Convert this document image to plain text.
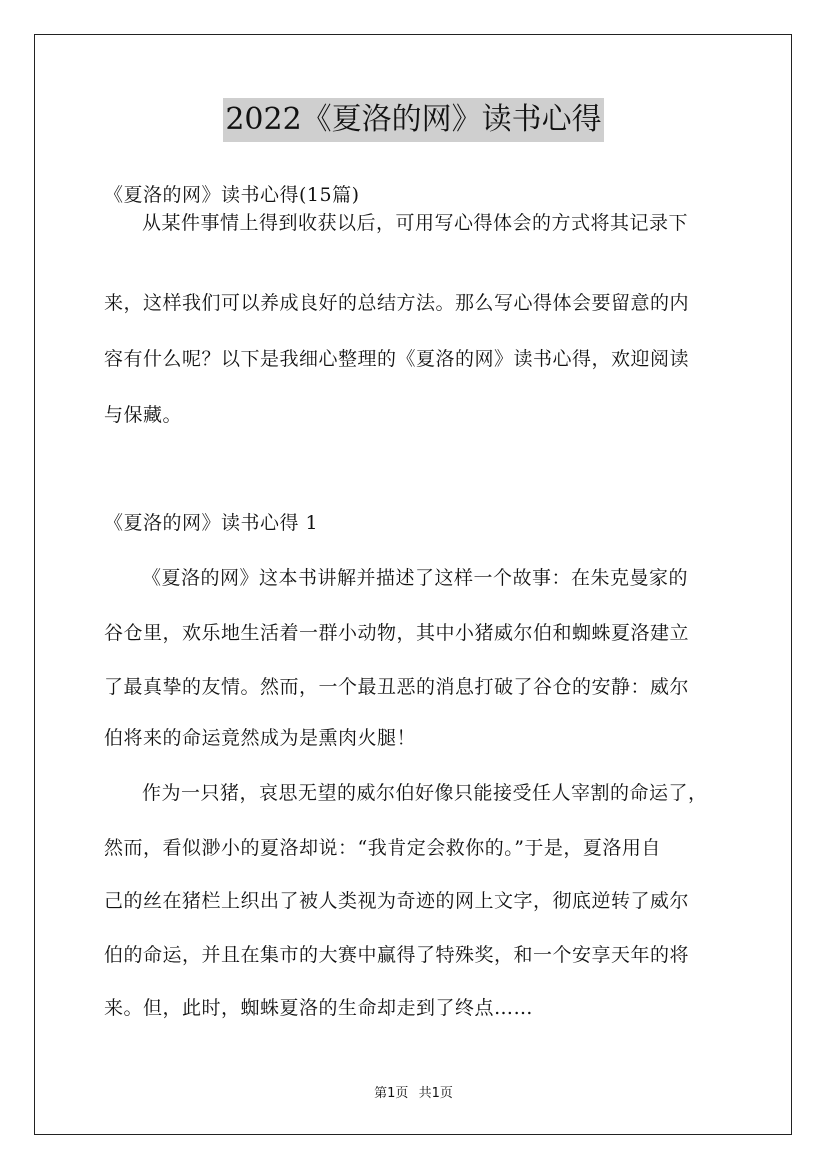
2022《夏洛的网》读书心得
《夏洛的网》读书心得(15篇)
从某件事情上得到收获以后，可用写心得体会的方式将其记录下
来，这样我们可以养成良好的总结方法。那么写心得体会要留意的内
容有什么呢？以下是我细心整理的《夏洛的网》读书心得，欢迎阅读
与保藏。
《夏洛的网》读书心得 1
《夏洛的网》这本书讲解并描述了这样一个故事：在朱克曼家的
谷仓里，欢乐地生活着一群小动物，其中小猪威尔伯和蜘蛛夏洛建立
了最真挚的友情。然而，一个最丑恶的消息打破了谷仓的安静：威尔
伯将来的命运竟然成为是熏肉火腿！
作为一只猪，哀思无望的威尔伯好像只能接受任人宰割的命运了，
然而，看似渺小的夏洛却说：“我肯定会救你的。”于是，夏洛用自
己的丝在猪栏上织出了被人类视为奇迹的网上文字，彻底逆转了威尔
伯的命运，并且在集市的大赛中赢得了特殊奖，和一个安享天年的将
来。但，此时，蜘蛛夏洛的生命却走到了终点……
第1页 共1页
